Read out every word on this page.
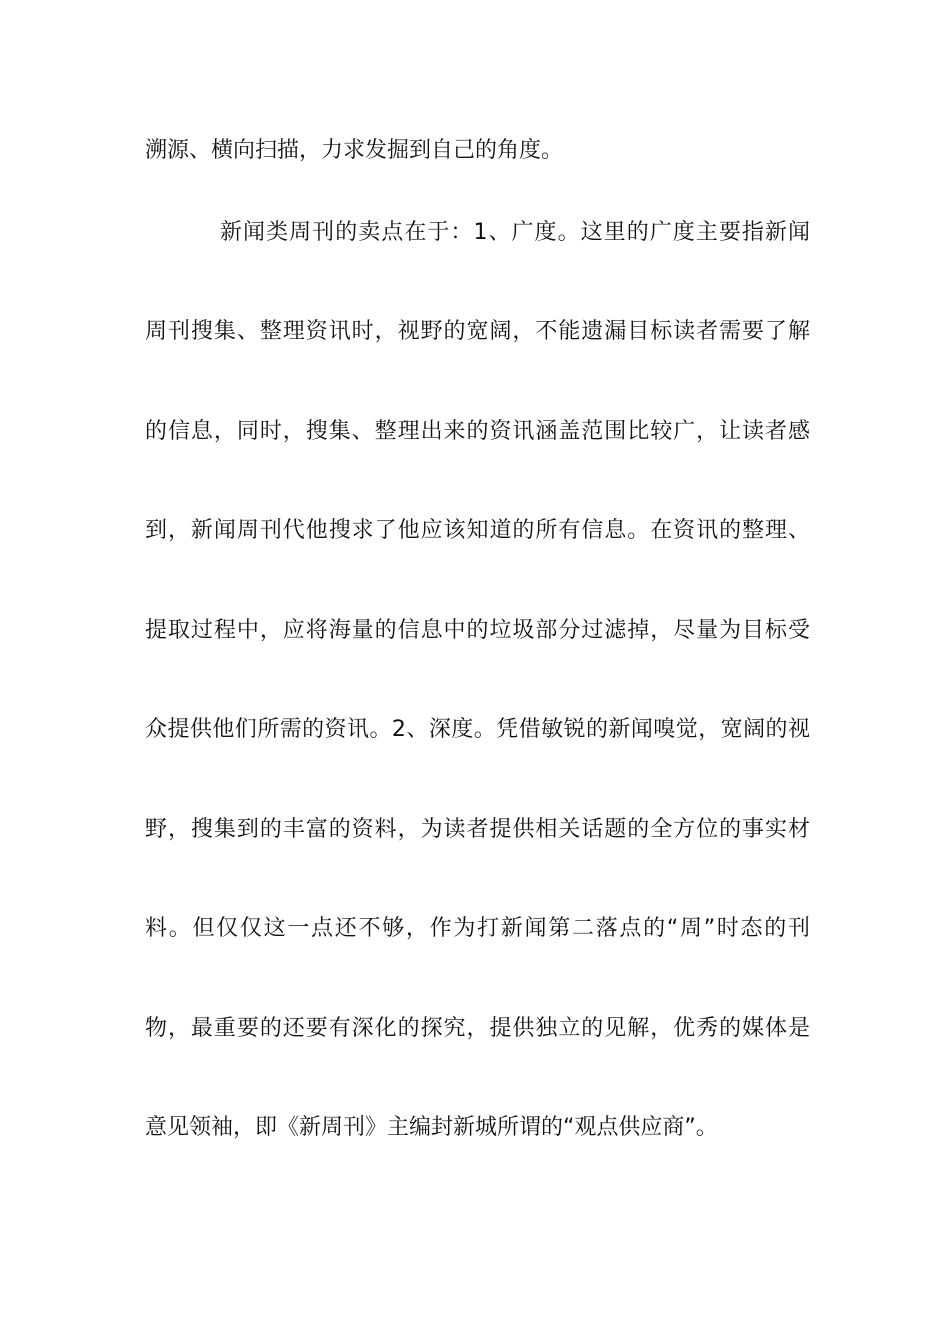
溯源、横向扫描，力求发掘到自己的角度。
新闻类周刊的卖点在于：1、广度。这里的广度主要指新闻
周刊搜集、整理资讯时，视野的宽阔，不能遗漏目标读者需要了解
的信息，同时，搜集、整理出来的资讯涵盖范围比较广，让读者感
到，新闻周刊代他搜求了他应该知道的所有信息。在资讯的整理、
提取过程中，应将海量的信息中的垃圾部分过滤掉，尽量为目标受
众提供他们所需的资讯。2、深度。凭借敏锐的新闻嗅觉，宽阔的视
野，搜集到的丰富的资料，为读者提供相关话题的全方位的事实材
料。但仅仅这一点还不够，作为打新闻第二落点的“周”时态的刊
物，最重要的还要有深化的探究，提供独立的见解，优秀的媒体是
意见领袖，即《新周刊》主编封新城所谓的“观点供应商”。
